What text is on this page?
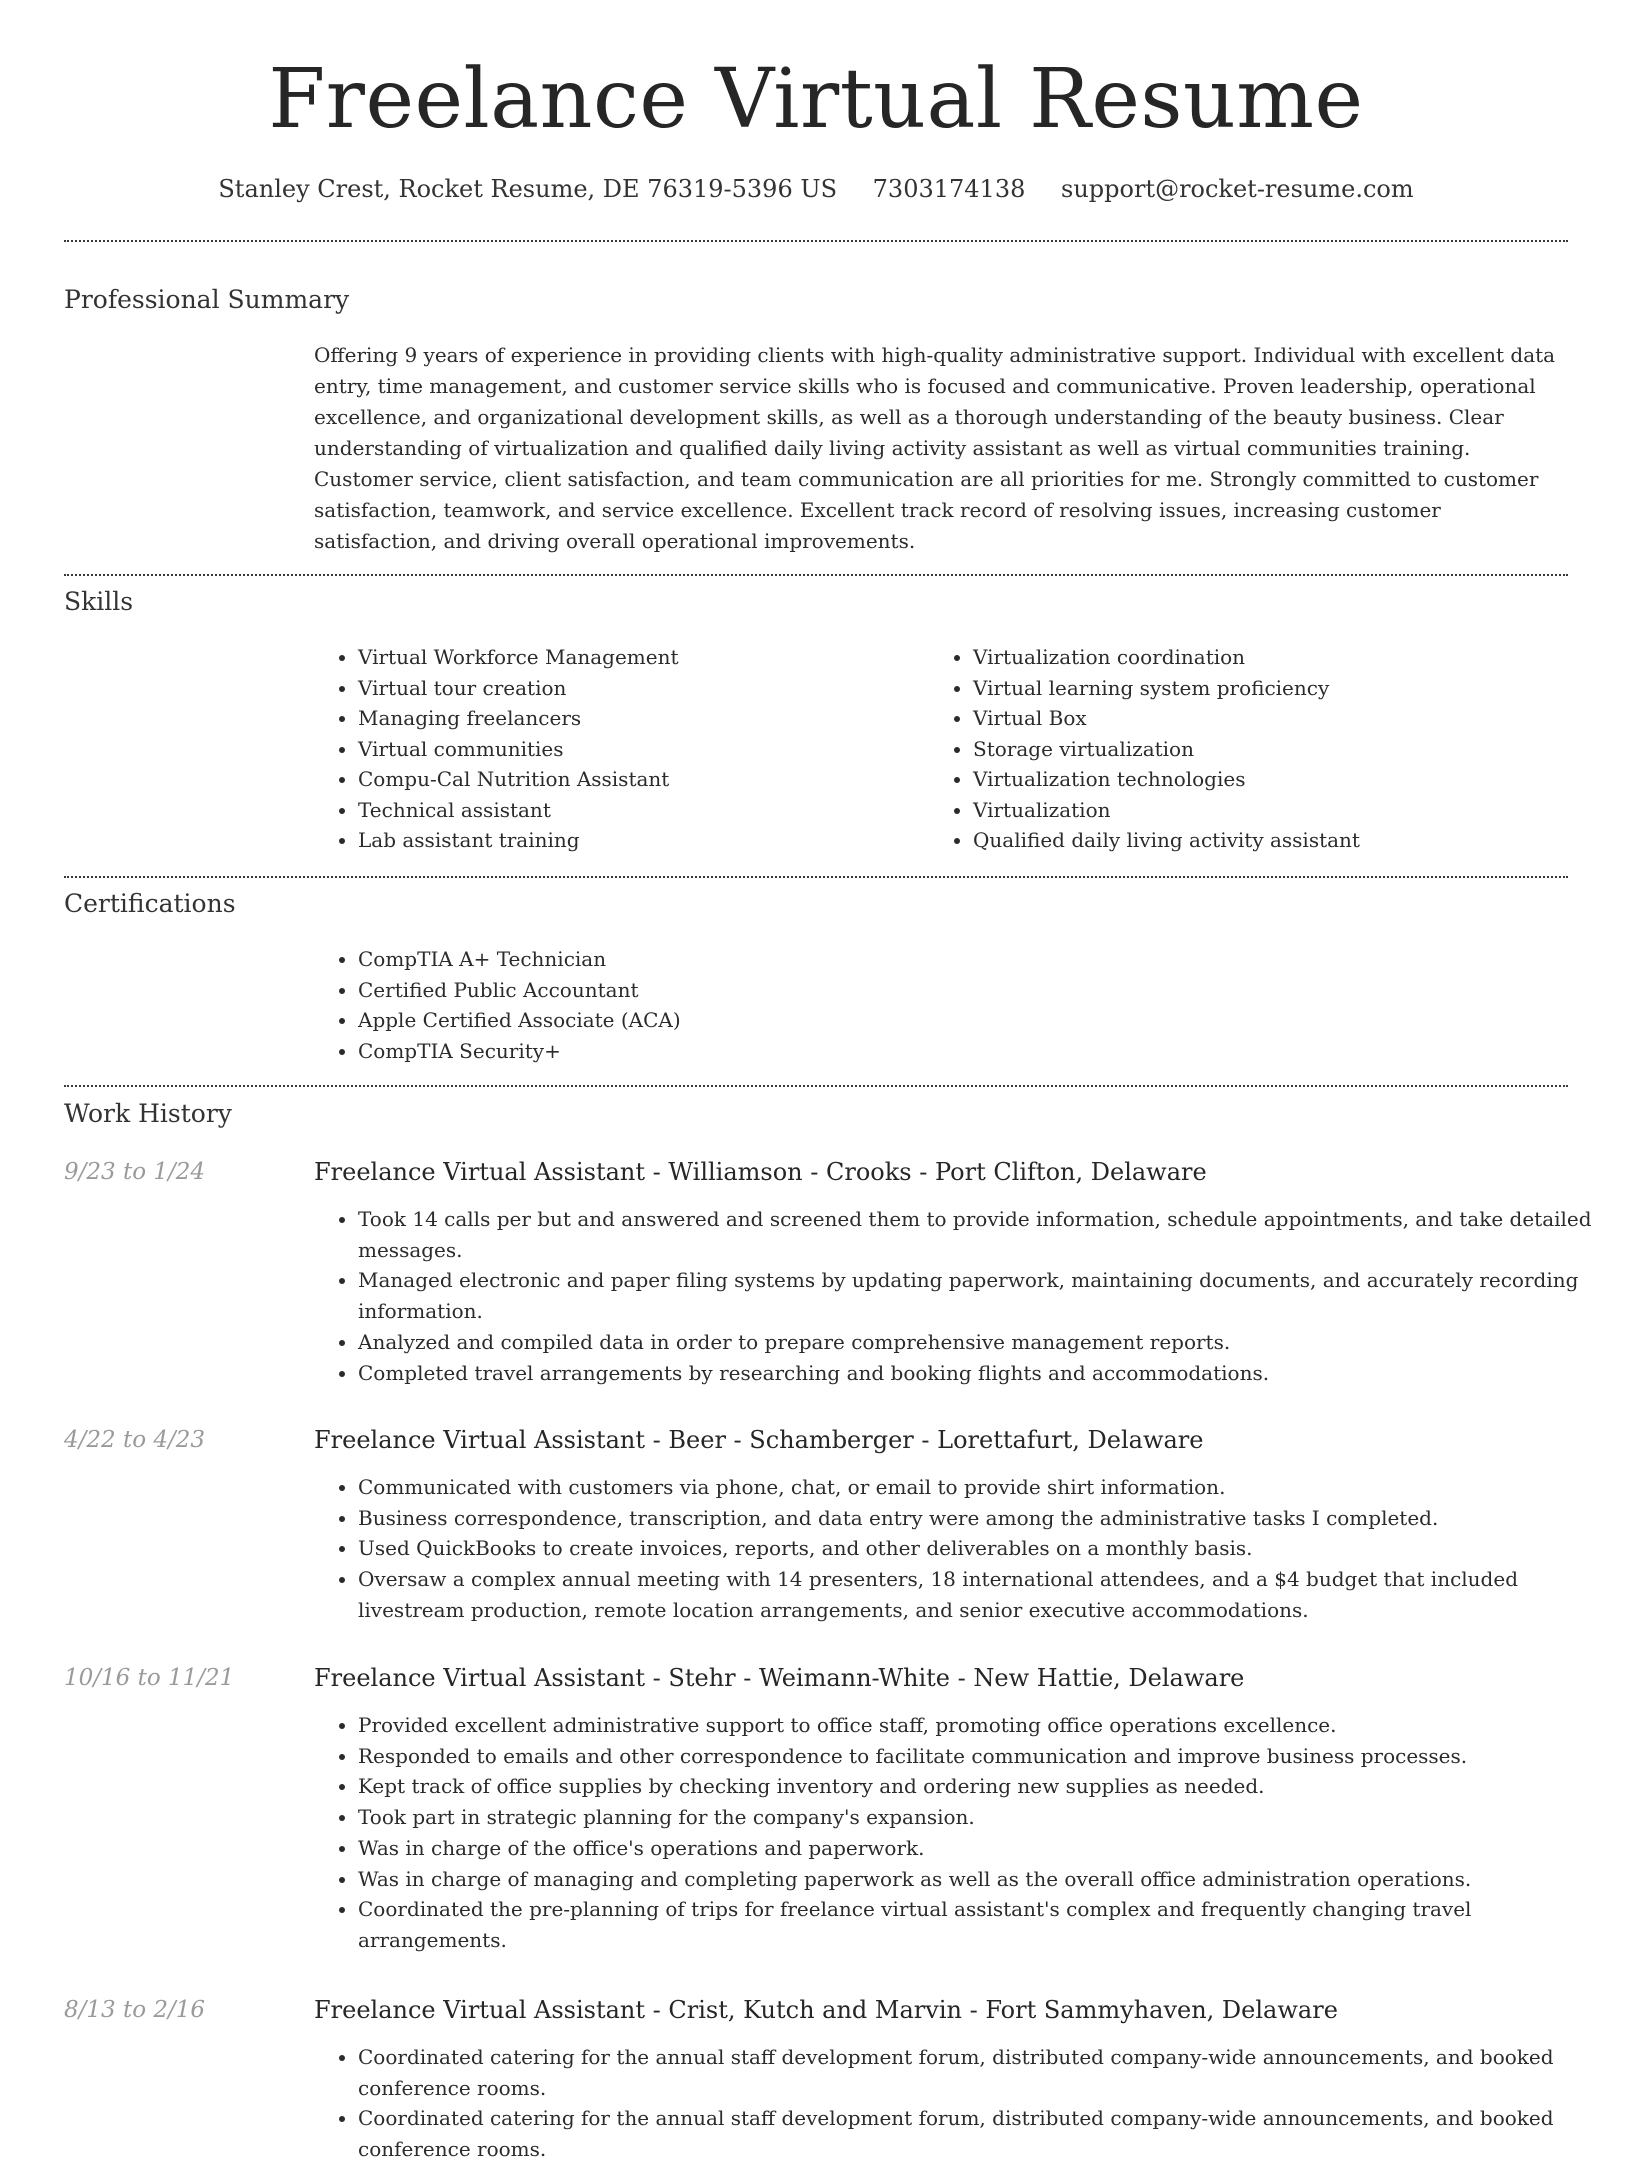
Freelance Virtual Resume
Stanley Crest, Rocket Resume, DE 76319-5396 US 7303174138 support@rocket-resume.com
Professional Summary

Offering 9 years of experience in providing clients with high-quality administrative support. Individual with excellent data entry, time management, and customer service skills who is focused and communicative. Proven leadership, operational excellence, and organizational development skills, as well as a thorough understanding of the beauty business. Clear understanding of virtualization and qualified daily living activity assistant as well as virtual communities training. Customer service, client satisfaction, and team communication are all priorities for me. Strongly committed to customer satisfaction, teamwork, and service excellence. Excellent track record of resolving issues, increasing customer satisfaction, and driving overall operational improvements.

Skills
• Virtual Workforce Management
• Virtual tour creation
• Managing freelancers
• Virtual communities
• Compu-Cal Nutrition Assistant
• Technical assistant
• Lab assistant training
• Virtualization coordination
• Virtual learning system proficiency
• Virtual Box
• Storage virtualization
• Virtualization technologies
• Virtualization
• Qualified daily living activity assistant
Certifications
• CompTIA A+ Technician
• Certified Public Accountant
• Apple Certified Associate (ACA)
• CompTIA Security+
Work History
9/23 to 1/24	Freelance Virtual Assistant - Williamson - Crooks - Port Clifton, Delaware
• Took 14 calls per but and answered and screened them to provide information, schedule appointments, and take detailed messages.
• Managed electronic and paper filing systems by updating paperwork, maintaining documents, and accurately recording information.
• Analyzed and compiled data in order to prepare comprehensive management reports.
• Completed travel arrangements by researching and booking flights and accommodations.
4/22 to 4/23	Freelance Virtual Assistant - Beer - Schamberger - Lorettafurt, Delaware
• Communicated with customers via phone, chat, or email to provide shirt information.
• Business correspondence, transcription, and data entry were among the administrative tasks I completed.
• Used QuickBooks to create invoices, reports, and other deliverables on a monthly basis.
• Oversaw a complex annual meeting with 14 presenters, 18 international attendees, and a $4 budget that included livestream production, remote location arrangements, and senior executive accommodations.
10/16 to 11/21	Freelance Virtual Assistant - Stehr - Weimann-White - New Hattie, Delaware
• Provided excellent administrative support to office staff, promoting office operations excellence.
• Responded to emails and other correspondence to facilitate communication and improve business processes.
• Kept track of office supplies by checking inventory and ordering new supplies as needed.
• Took part in strategic planning for the company's expansion.
• Was in charge of the office's operations and paperwork.
• Was in charge of managing and completing paperwork as well as the overall office administration operations.
• Coordinated the pre-planning of trips for freelance virtual assistant's complex and frequently changing travel arrangements.
8/13 to 2/16	Freelance Virtual Assistant - Crist, Kutch and Marvin - Fort Sammyhaven, Delaware
• Coordinated catering for the annual staff development forum, distributed company-wide announcements, and booked conference rooms.
• Coordinated catering for the annual staff development forum, distributed company-wide announcements, and booked conference rooms.
